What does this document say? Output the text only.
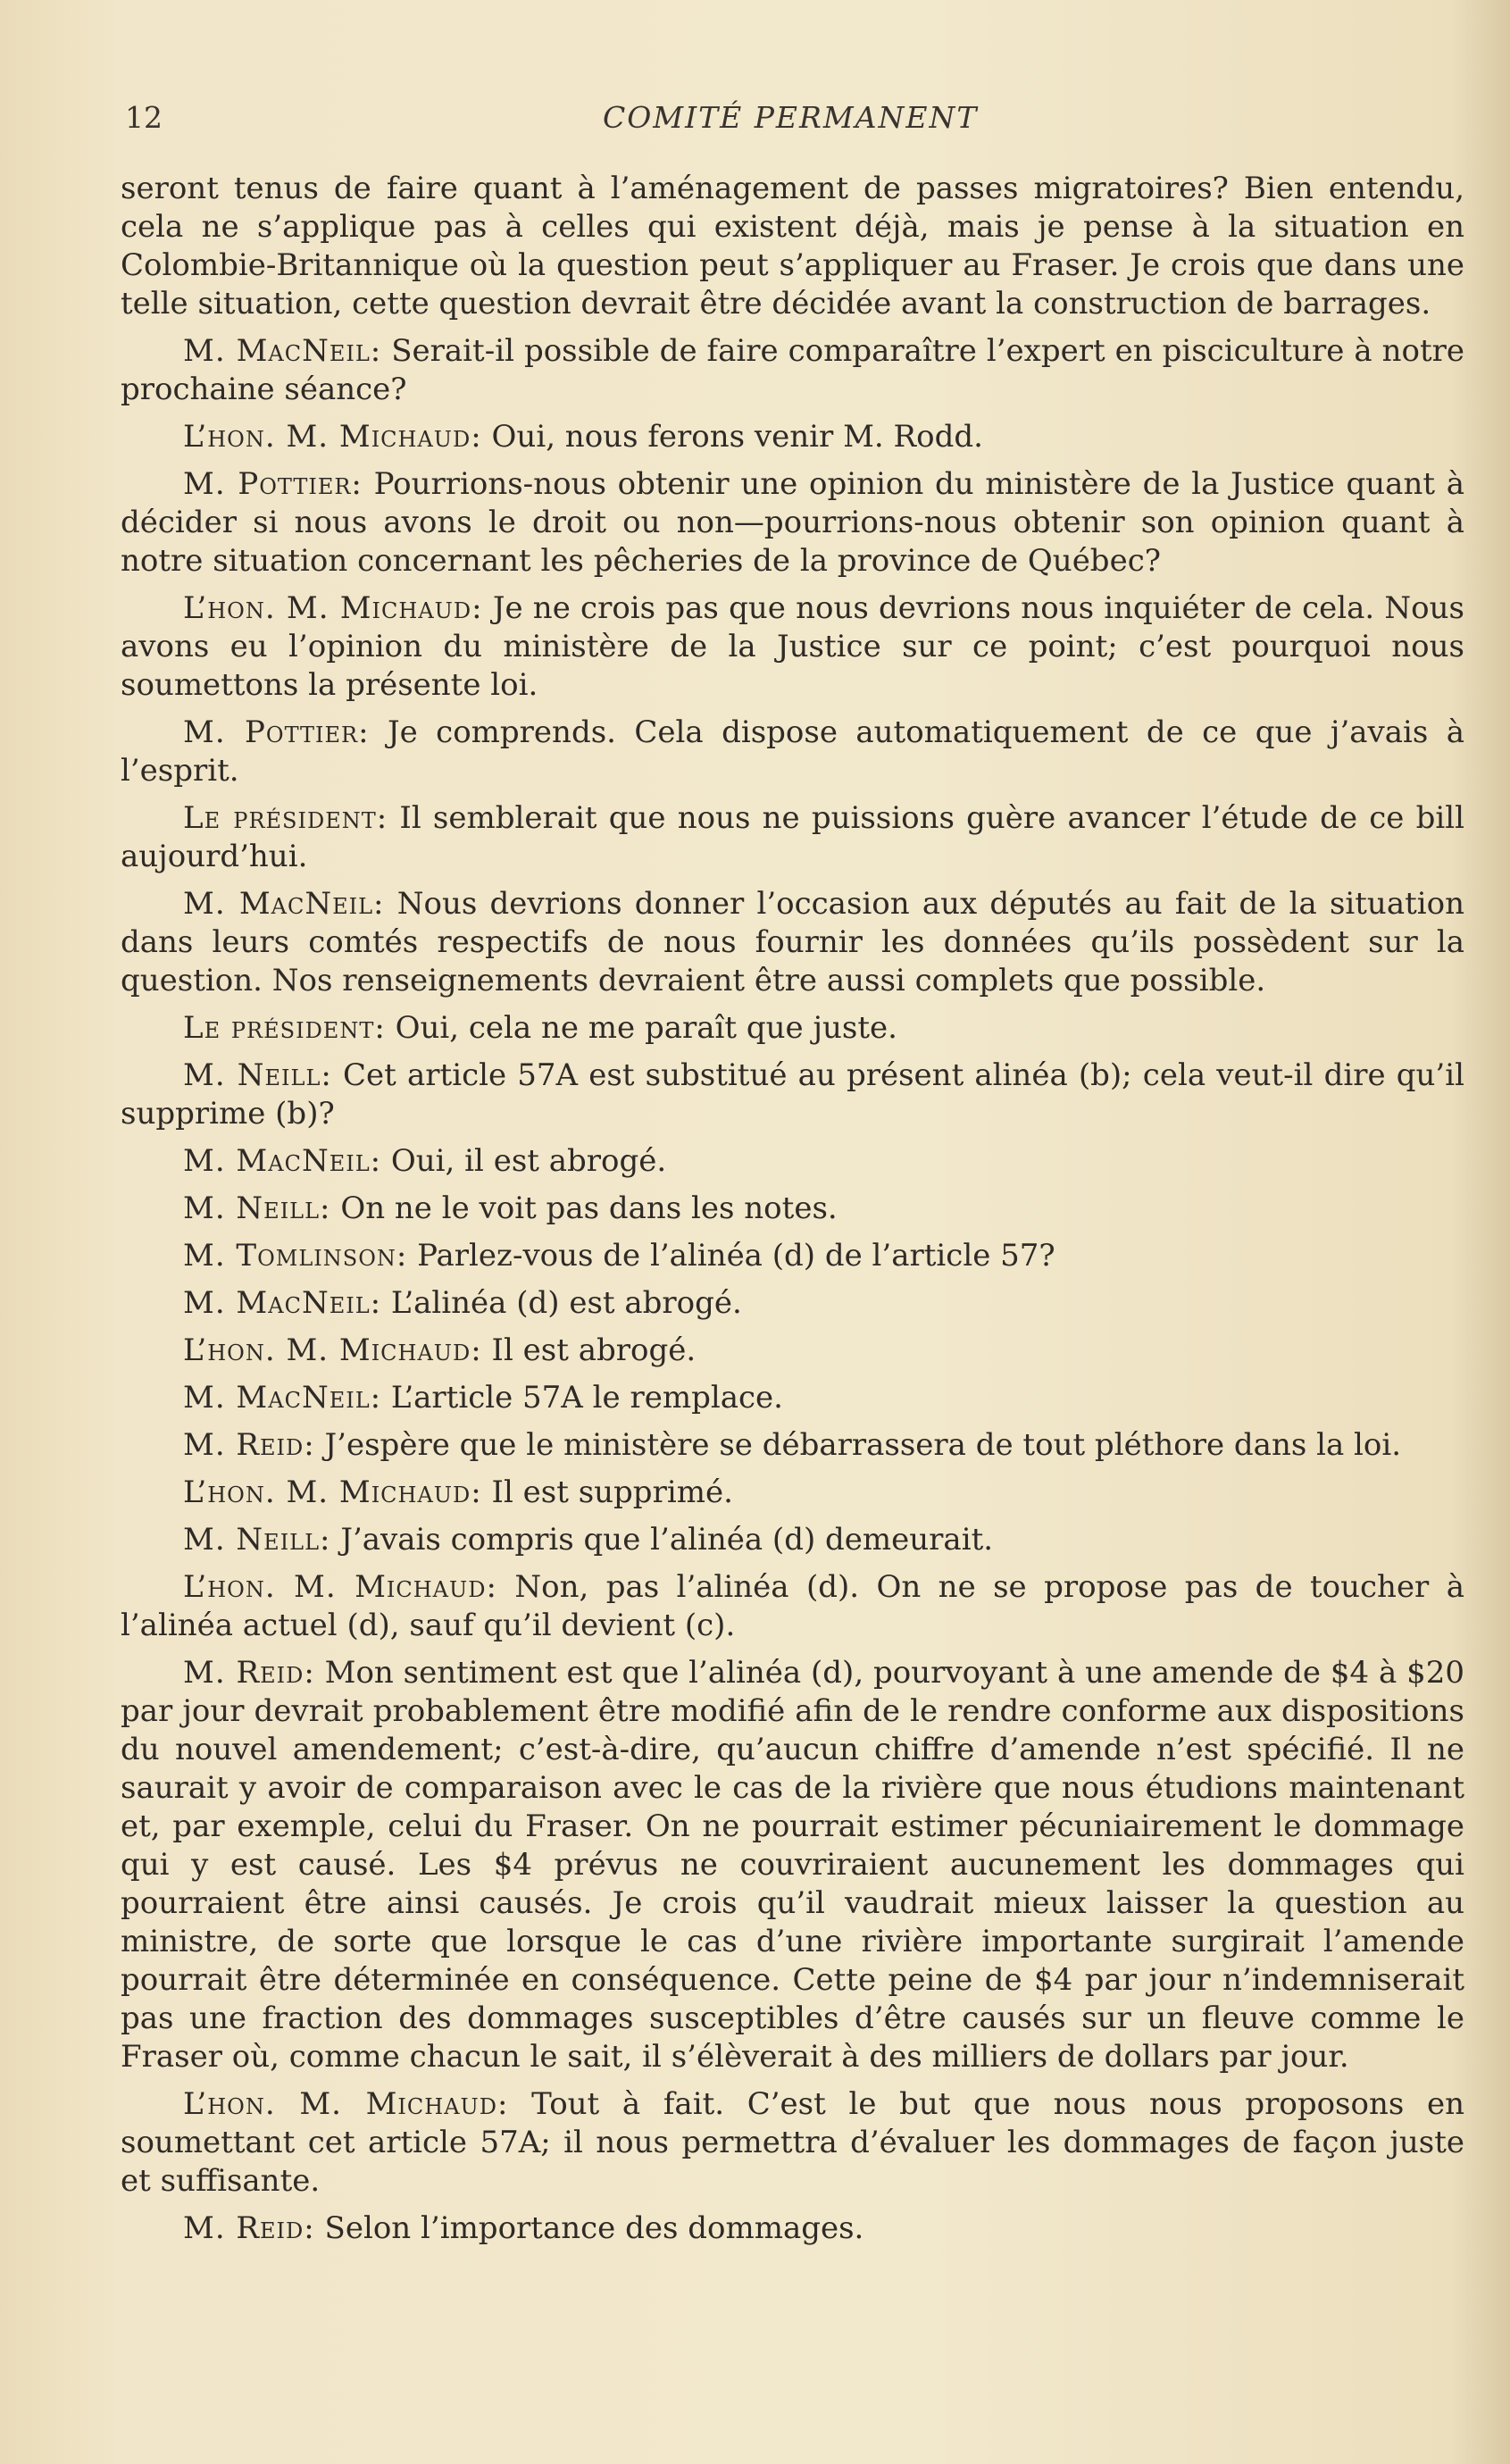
12	COMITÉ PERMANENT

seront tenus de faire quant à l’aménagement de passes migratoires? Bien entendu, cela ne s’applique pas à celles qui existent déjà, mais je pense à la situation en Colombie-Britannique où la question peut s’appliquer au Fraser. Je crois que dans une telle situation, cette question devrait être décidée avant la construction de barrages.

M. MacNeil: Serait-il possible de faire comparaître l’expert en pisciculture à notre prochaine séance?

L’hon. M. Michaud: Oui, nous ferons venir M. Rodd.

M. Pottier: Pourrions-nous obtenir une opinion du ministère de la Justice quant à décider si nous avons le droit ou non—pourrions-nous obtenir son opinion quant à notre situation concernant les pêcheries de la province de Québec?

L’hon. M. Michaud: Je ne crois pas que nous devrions nous inquiéter de cela. Nous avons eu l’opinion du ministère de la Justice sur ce point; c’est pourquoi nous soumettons la présente loi.

M. Pottier: Je comprends. Cela dispose automatiquement de ce que j’avais à l’esprit.

Le président: Il semblerait que nous ne puissions guère avancer l’étude de ce bill aujourd’hui.

M. MacNeil: Nous devrions donner l’occasion aux députés au fait de la situation dans leurs comtés respectifs de nous fournir les données qu’ils possèdent sur la question. Nos renseignements devraient être aussi complets que possible.

Le président: Oui, cela ne me paraît que juste.

M. Neill: Cet article 57A est substitué au présent alinéa (b); cela veut-il dire qu’il supprime (b)?

M. MacNeil: Oui, il est abrogé.

M. Neill: On ne le voit pas dans les notes.

M. Tomlinson: Parlez-vous de l’alinéa (d) de l’article 57?

M. MacNeil: L’alinéa (d) est abrogé.

L’hon. M. Michaud: Il est abrogé.

M. MacNeil: L’article 57A le remplace.

M. Reid: J’espère que le ministère se débarrassera de tout pléthore dans la loi.

L’hon. M. Michaud: Il est supprimé.

M. Neill: J’avais compris que l’alinéa (d) demeurait.

L’hon. M. Michaud: Non, pas l’alinéa (d). On ne se propose pas de toucher à l’alinéa actuel (d), sauf qu’il devient (c).

M. Reid: Mon sentiment est que l’alinéa (d), pourvoyant à une amende de $4 à $20 par jour devrait probablement être modifié afin de le rendre conforme aux dispositions du nouvel amendement; c’est-à-dire, qu’aucun chiffre d’amende n’est spécifié. Il ne saurait y avoir de comparaison avec le cas de la rivière que nous étudions maintenant et, par exemple, celui du Fraser. On ne pourrait estimer pécuniairement le dommage qui y est causé. Les $4 prévus ne couvriraient aucunement les dommages qui pourraient être ainsi causés. Je crois qu’il vaudrait mieux laisser la question au ministre, de sorte que lorsque le cas d’une rivière importante surgirait l’amende pourrait être déterminée en conséquence. Cette peine de $4 par jour n’indemniserait pas une fraction des dommages susceptibles d’être causés sur un fleuve comme le Fraser où, comme chacun le sait, il s’élèverait à des milliers de dollars par jour.

L’hon. M. Michaud: Tout à fait. C’est le but que nous nous proposons en soumettant cet article 57A; il nous permettra d’évaluer les dommages de façon juste et suffisante.

M. Reid: Selon l’importance des dommages.
